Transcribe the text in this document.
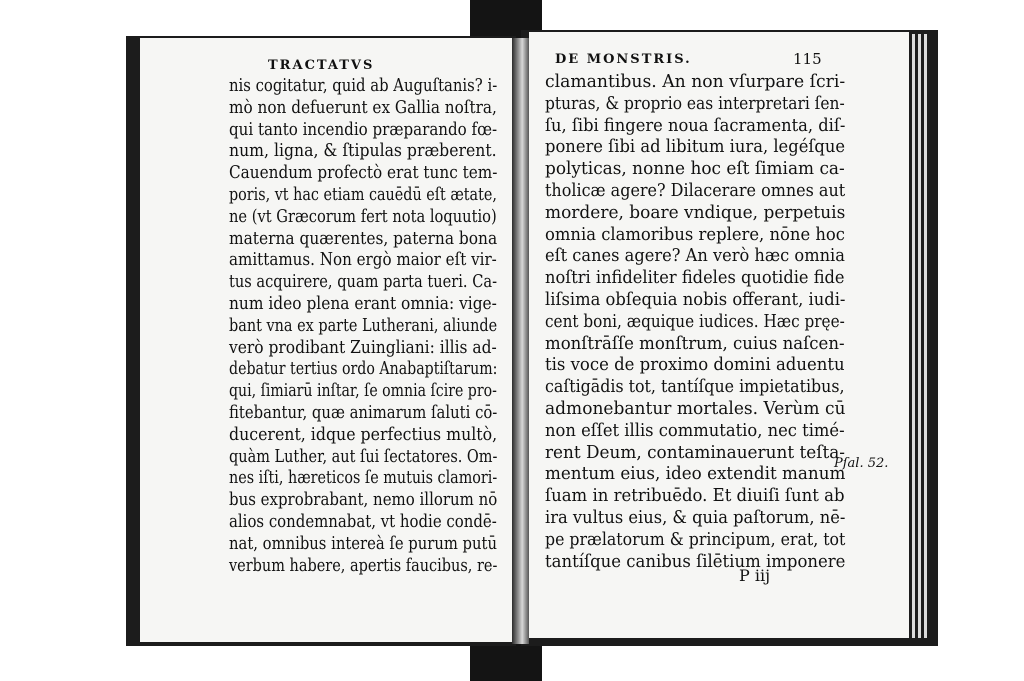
TRACTATVS
nis cogitatur, quid ab Auguſtanis? i-
mò non defuerunt ex Gallia noſtra,
qui tanto incendio præparando fœ-
num, ligna, & ſtipulas præberent.
Cauendum profectò erat tunc tem-
poris, vt hac etiam cauēdū eſt ætate,
ne (vt Græcorum fert nota loquutio)
materna quærentes, paterna bona
amittamus. Non ergò maior eſt vir-
tus acquirere, quam parta tueri. Ca-
num ideo plena erant omnia: vige-
bant vna ex parte Lutherani, aliunde
verò prodibant Zuingliani: illis ad-
debatur tertius ordo Anabaptiſtarum:
qui, ſimiarū inſtar, ſe omnia ſcire pro-
fitebantur, quæ animarum ſaluti cō-
ducerent, idque perfectius multò,
quàm Luther, aut ſui ſectatores. Om-
nes iſti, hæreticos ſe mutuis clamori-
bus exprobrabant, nemo illorum nō
alios condemnabat, vt hodie condē-
nat, omnibus intereà ſe purum putū
verbum habere, apertis faucibus, re-
DE MONSTRIS.	115
clamantibus. An non vſurpare ſcri-
pturas, & proprio eas interpretari ſen-
ſu, ſibi fingere noua ſacramenta, diſ-
ponere ſibi ad libitum iura, legéſque
polyticas, nonne hoc eſt ſimiam ca-
tholicæ agere? Dilacerare omnes aut
mordere, boare vndique, perpetuis
omnia clamoribus replere, nōne hoc
eſt canes agere? An verò hæc omnia
noſtri infideliter fideles quotidie fide
liſsima obſequia nobis offerant, iudi-
cent boni, æquique iudices. Hæc pręe-
monſtrāſſe monſtrum, cuius naſcen-
tis voce de proximo domini aduentu
caſtigādis tot, tantíſque impietatibus,
admonebantur mortales. Verùm cū
non eſſet illis commutatio, nec timé-
rent Deum, contaminauerunt teſta-
mentum eius, ideo extendit manum
ſuam in retribuēdo. Et diuiſi ſunt ab
ira vultus eius, & quia paſtorum, nē-
pe prælatorum & principum, erat, tot
tantíſque canibus ſilētium imponere
Pſal. 52.
P iij
